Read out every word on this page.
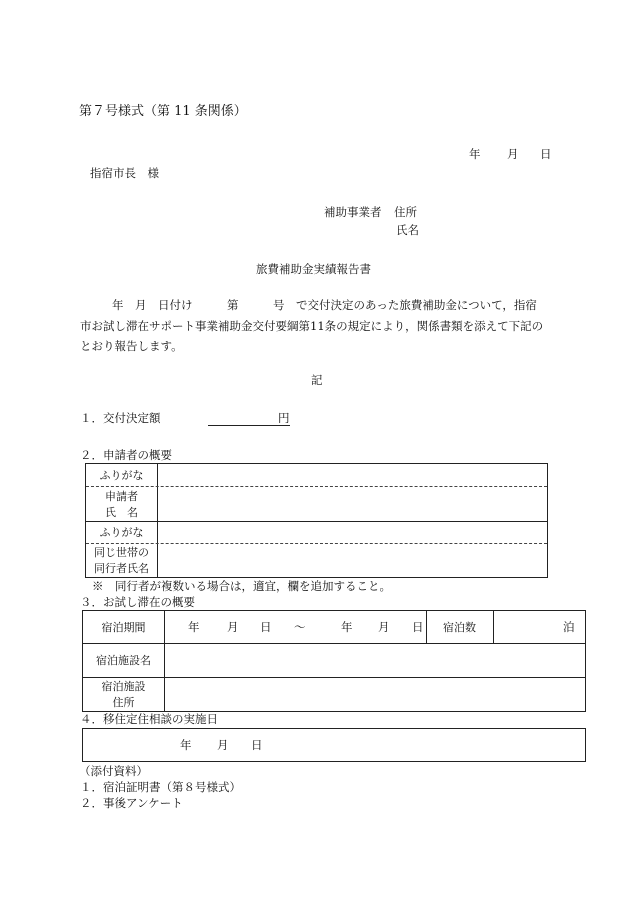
第７号様式（第 11 条関係）
年 月 日
指宿市長　様
補助事業者 住所
氏名
旅費補助金実績報告書
年　月　日付け　　　第　　　号　で交付決定のあった旅費補助金について，指宿
市お試し滞在サポート事業補助金交付要綱第11条の規定により，関係書類を添えて下記の
とおり報告します。
記
１．交付決定額	円
２．申請者の概要
ふりがな
申請者
氏　名
ふりがな
同じ世帯の
同行者氏名
※　同行者が複数いる場合は，適宜，欄を追加すること。
３．お試し滞在の概要
宿泊期間	年 月 日 ～	年 月 日	宿泊数	泊
宿泊施設名
宿泊施設
住所
４．移住定住相談の実施日
年 月 日
（添付資料）
１．宿泊証明書（第８号様式）
２．事後アンケート
